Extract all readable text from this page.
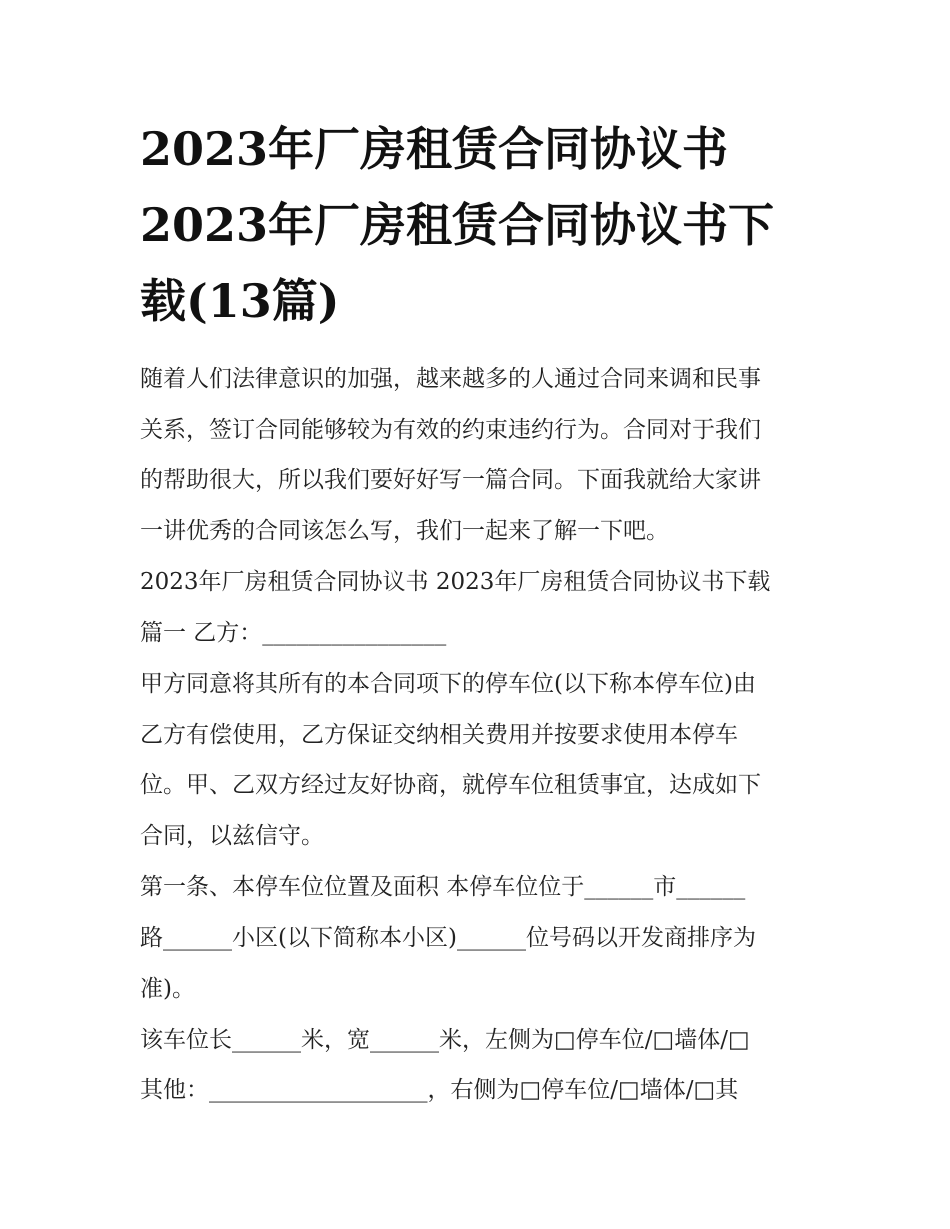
2023年厂房租赁合同协议书
2023年厂房租赁合同协议书下
载(13篇)

随着人们法律意识的加强，越来越多的人通过合同来调和民事

关系，签订合同能够较为有效的约束违约行为。合同对于我们

的帮助很大，所以我们要好好写一篇合同。下面我就给大家讲

一讲优秀的合同该怎么写，我们一起来了解一下吧。

2023年厂房租赁合同协议书 2023年厂房租赁合同协议书下载

篇一 乙方：________________

甲方同意将其所有的本合同项下的停车位(以下称本停车位)由

乙方有偿使用，乙方保证交纳相关费用并按要求使用本停车

位。甲、乙双方经过友好协商，就停车位租赁事宜，达成如下

合同，以兹信守。

第一条、本停车位位置及面积 本停车位位于______市______

路______小区(以下简称本小区)______位号码以开发商排序为

准)。

该车位长______米，宽______米，左侧为□停车位/□墙体/□

其他：___________________，右侧为□停车位/□墙体/□其
